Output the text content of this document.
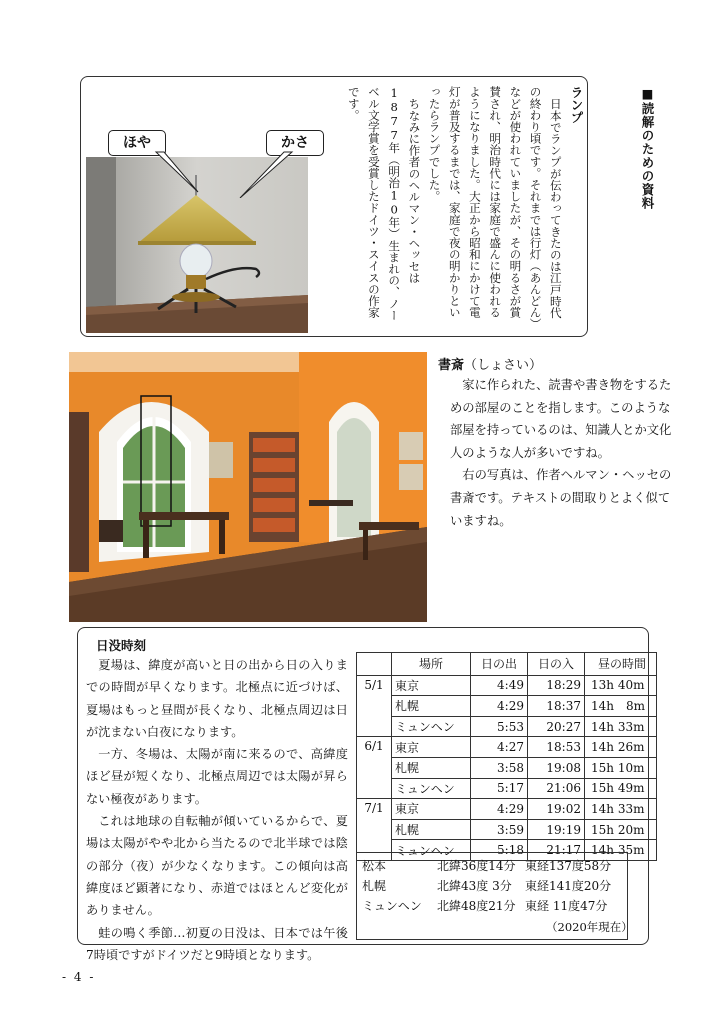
■読解のための資料
ほや	かさ

ランプ

日本でランプが伝わってきたのは江戸時代の終わり頃です。それまでは行灯（あんどん）などが使われていましたが、その明るさが賞賛され、明治時代には家庭で盛んに使われるようになりました。大正から昭和にかけて電灯が普及するまでは、家庭で夜の明かりといったらランプでした。

ちなみに作者のヘルマン・ヘッセは1877年（明治10年）生まれの、ノーベル文学賞を受賞したドイツ・スイスの作家です。

書斎（しょさい）

家に作られた、読書や書き物をするための部屋のことを指します。このような部屋を持っているのは、知識人とか文化人のような人が多いですね。

右の写真は、作者ヘルマン・ヘッセの書斎です。テキストの間取りとよく似ていますね。

日没時刻

夏場は、緯度が高いと日の出から日の入りまでの時間が早くなります。北極点に近づけば、夏場はもっと昼間が長くなり、北極点周辺は日が沈まない白夜になります。

一方、冬場は、太陽が南に来るので、高緯度ほど昼が短くなり、北極点周辺では太陽が昇らない極夜があります。

これは地球の自転軸が傾いているからで、夏場は太陽がやや北から当たるので北半球では陰の部分（夜）が少なくなります。この傾向は高緯度ほど顕著になり、赤道ではほとんど変化がありません。

蛙の鳴く季節…初夏の日没は、日本では午後7時頃ですがドイツだと9時頃となります。

	場所	日の出	日の入	昼の時間
5/1	東京	4:49	18:29	13h 40m
	札幌	4:29	18:37	14h　8m
	ミュンヘン	5:53	20:27	14h 33m
6/1	東京	4:27	18:53	14h 26m
	札幌	3:58	19:08	15h 10m
	ミュンヘン	5:17	21:06	15h 49m
7/1	東京	4:29	19:02	14h 33m
	札幌	3:59	19:19	15h 20m
	ミュンヘン	5:18	21:17	14h 35m
松本	北緯36度14分 東経137度58分
札幌	北緯43度 3分 東経141度20分
ミュンヘン 北緯48度21分 東経 11度47分
（2020年現在）
- 4 -
